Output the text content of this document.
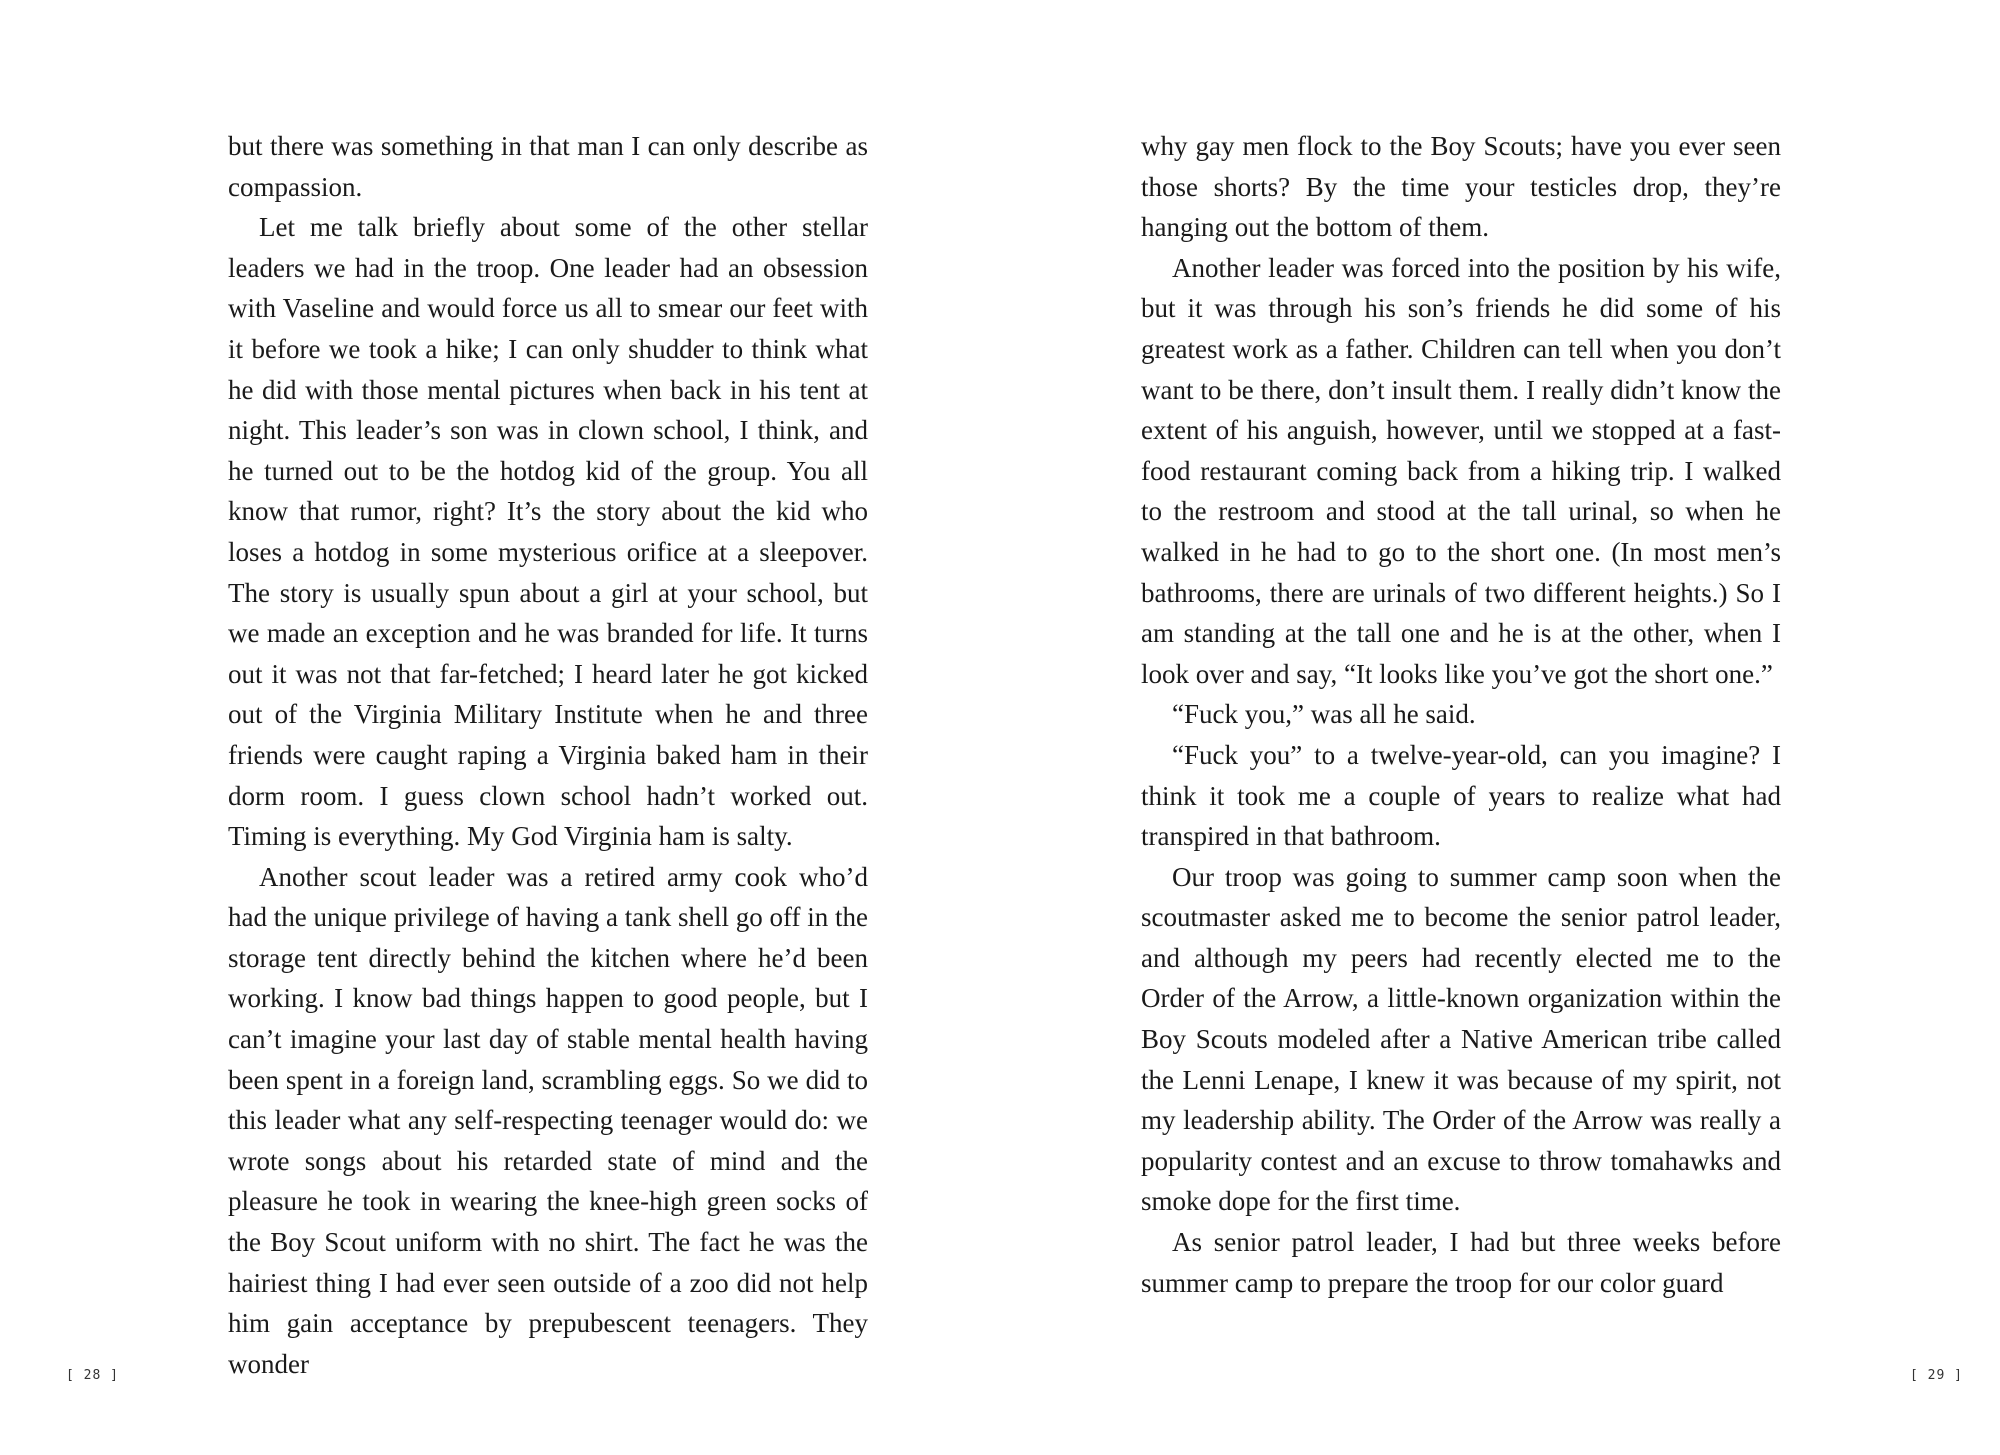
but there was something in that man I can only describe as compassion.

Let me talk briefly about some of the other stellar leaders we had in the troop. One leader had an obsession with Vaseline and would force us all to smear our feet with it before we took a hike; I can only shudder to think what he did with those mental pictures when back in his tent at night. This leader’s son was in clown school, I think, and he turned out to be the hotdog kid of the group. You all know that rumor, right? It’s the story about the kid who loses a hotdog in some mysterious orifice at a sleepover. The story is usually spun about a girl at your school, but we made an exception and he was branded for life. It turns out it was not that far-fetched; I heard later he got kicked out of the Virginia Military Institute when he and three friends were caught raping a Virginia baked ham in their dorm room. I guess clown school hadn’t worked out. Timing is everything. My God Virginia ham is salty.

Another scout leader was a retired army cook who’d had the unique privilege of having a tank shell go off in the storage tent directly behind the kitchen where he’d been working. I know bad things happen to good people, but I can’t imagine your last day of stable mental health having been spent in a foreign land, scrambling eggs. So we did to this leader what any self-respecting teenager would do: we wrote songs about his retarded state of mind and the pleasure he took in wearing the knee-high green socks of the Boy Scout uniform with no shirt. The fact he was the hairiest thing I had ever seen outside of a zoo did not help him gain acceptance by prepubescent teenagers. They wonder

[ 28 ]

why gay men flock to the Boy Scouts; have you ever seen those shorts? By the time your testicles drop, they’re hanging out the bottom of them.

Another leader was forced into the position by his wife, but it was through his son’s friends he did some of his greatest work as a father. Children can tell when you don’t want to be there, don’t insult them. I really didn’t know the extent of his anguish, however, until we stopped at a fast-food restaurant coming back from a hiking trip. I walked to the restroom and stood at the tall urinal, so when he walked in he had to go to the short one. (In most men’s bathrooms, there are urinals of two different heights.) So I am standing at the tall one and he is at the other, when I look over and say, “It looks like you’ve got the short one.”

“Fuck you,” was all he said.

“Fuck you” to a twelve-year-old, can you imagine? I think it took me a couple of years to realize what had transpired in that bathroom.

Our troop was going to summer camp soon when the scoutmaster asked me to become the senior patrol leader, and although my peers had recently elected me to the Order of the Arrow, a little-known organization within the Boy Scouts modeled after a Native American tribe called the Lenni Lenape, I knew it was because of my spirit, not my leadership ability. The Order of the Arrow was really a popularity contest and an excuse to throw tomahawks and smoke dope for the first time.

As senior patrol leader, I had but three weeks before summer camp to prepare the troop for our color guard

[ 29 ]
